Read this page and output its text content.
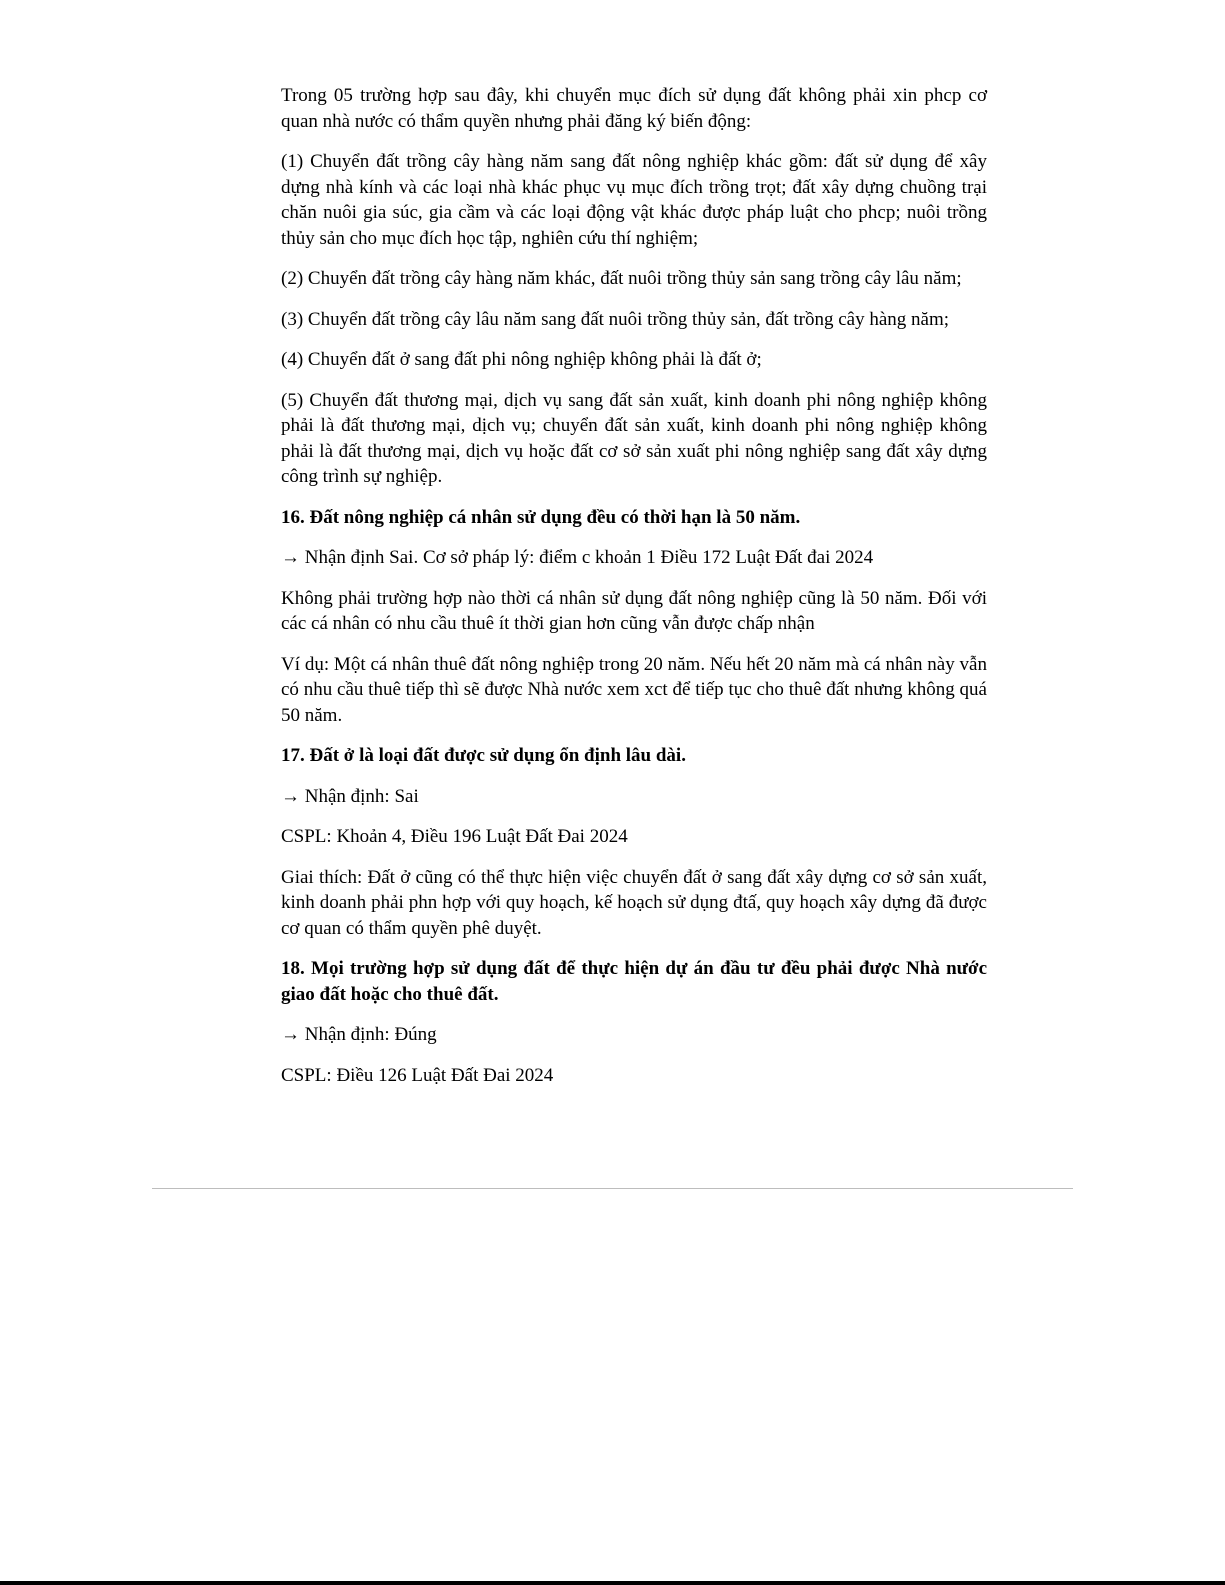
Trong 05 trường hợp sau đây, khi chuyển mục đích sử dụng đất không phải xin phcp cơ quan nhà nước có thẩm quyền nhưng phải đăng ký biến động:

(1) Chuyển đất trồng cây hàng năm sang đất nông nghiệp khác gồm: đất sử dụng để xây dựng nhà kính và các loại nhà khác phục vụ mục đích trồng trọt; đất xây dựng chuồng trại chăn nuôi gia súc, gia cầm và các loại động vật khác được pháp luật cho phcp; nuôi trồng thủy sản cho mục đích học tập, nghiên cứu thí nghiệm;

(2) Chuyển đất trồng cây hàng năm khác, đất nuôi trồng thủy sản sang trồng cây lâu năm;

(3) Chuyển đất trồng cây lâu năm sang đất nuôi trồng thủy sản, đất trồng cây hàng năm;

(4) Chuyển đất ở sang đất phi nông nghiệp không phải là đất ở;

(5) Chuyển đất thương mại, dịch vụ sang đất sản xuất, kinh doanh phi nông nghiệp không phải là đất thương mại, dịch vụ; chuyển đất sản xuất, kinh doanh phi nông nghiệp không phải là đất thương mại, dịch vụ hoặc đất cơ sở sản xuất phi nông nghiệp sang đất xây dựng công trình sự nghiệp.

16. Đất nông nghiệp cá nhân sử dụng đều có thời hạn là 50 năm.

→ Nhận định Sai. Cơ sở pháp lý: điểm c khoản 1 Điều 172 Luật Đất đai 2024

Không phải trường hợp nào thời cá nhân sử dụng đất nông nghiệp cũng là 50 năm. Đối với các cá nhân có nhu cầu thuê ít thời gian hơn cũng vẫn được chấp nhận

Ví dụ: Một cá nhân thuê đất nông nghiệp trong 20 năm. Nếu hết 20 năm mà cá nhân này vẫn có nhu cầu thuê tiếp thì sẽ được Nhà nước xem xct để tiếp tục cho thuê đất nhưng không quá 50 năm.

17. Đất ở là loại đất được sử dụng ổn định lâu dài.

→ Nhận định: Sai

CSPL: Khoản 4, Điều 196 Luật Đất Đai 2024

Giai thích: Đất ở cũng có thể thực hiện việc chuyển đất ở sang đất xây dựng cơ sở sản xuất, kinh doanh phải phn hợp với quy hoạch, kế hoạch sử dụng đtấ, quy hoạch xây dựng đã được cơ quan có thẩm quyền phê duyệt.

18. Mọi trường hợp sử dụng đất để thực hiện dự án đầu tư đều phải được Nhà nước giao đất hoặc cho thuê đất.

→ Nhận định: Đúng

CSPL: Điều 126 Luật Đất Đai 2024
